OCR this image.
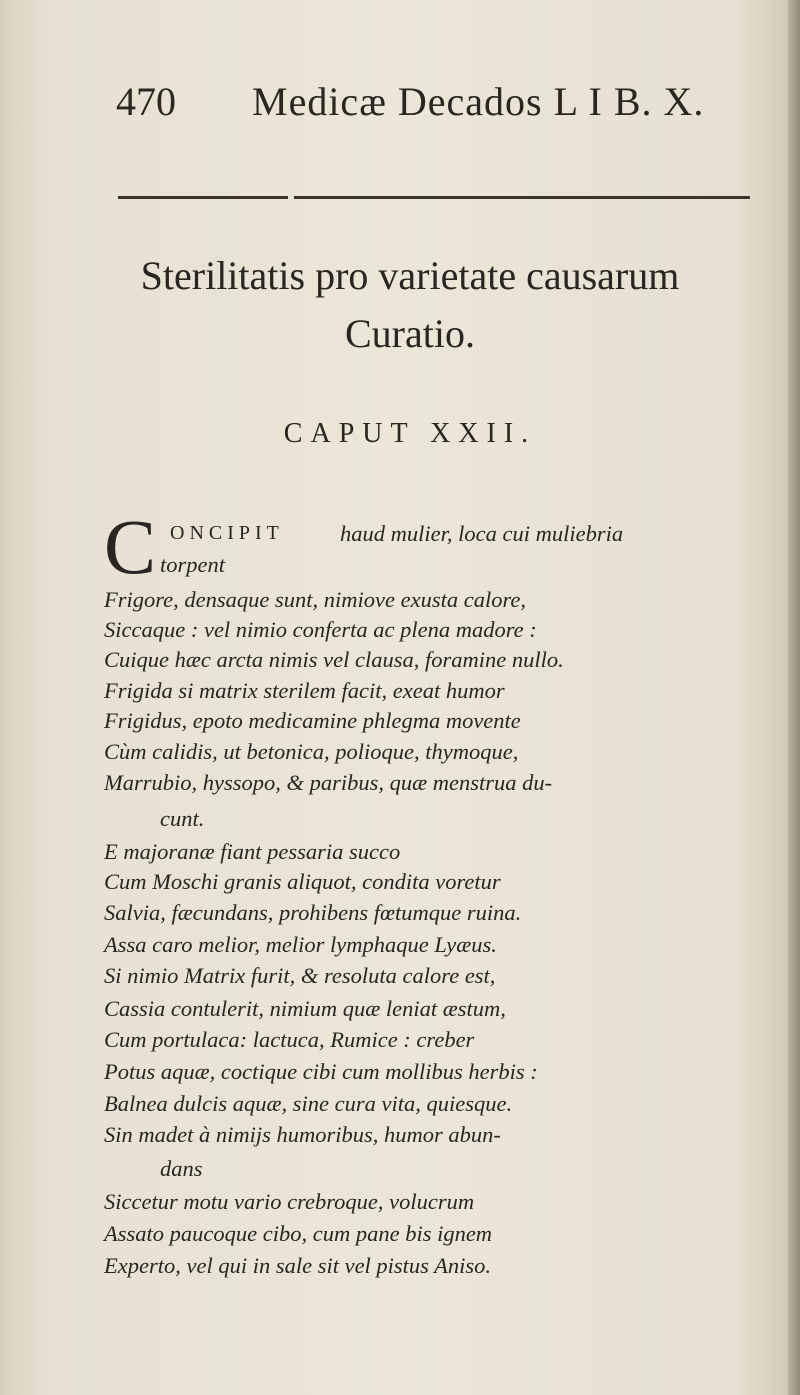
470 Medicæ Decados L I B. X.
Sterilitatis pro varietate causarum
Curatio.
CAPUT XXII.
C ONCIPIT haud mulier, loca cui muliebria
torpent
Frigore, densaque sunt, nimiove exusta calore,
Siccaque : vel nimio conferta ac plena madore :
Cuique hæc arcta nimis vel clausa, foramine nullo.
Frigida si matrix sterilem facit, exeat humor
Frigidus, epoto medicamine phlegma movente
Cùm calidis, ut betonica, polioque, thymoque,
Marrubio, hyssopo, & paribus, quæ menstrua du-
cunt.
E majoranæ fiant pessaria succo
Cum Moschi granis aliquot, condita voretur
Salvia, fæcundans, prohibens fœtumque ruina.
Assa caro melior, melior lymphaque Lyæus.
Si nimio Matrix furit, & resoluta calore est,
Cassia contulerit, nimium quæ leniat æstum,
Cum portulaca: lactuca, Rumice : creber
Potus aquæ, coctique cibi cum mollibus herbis :
Balnea dulcis aquæ, sine cura vita, quiesque.
Sin madet à nimijs humoribus, humor abun-
dans
Siccetur motu vario crebroque, volucrum
Assato paucoque cibo, cum pane bis ignem
Experto, vel qui in sale sit vel pistus Aniso.
